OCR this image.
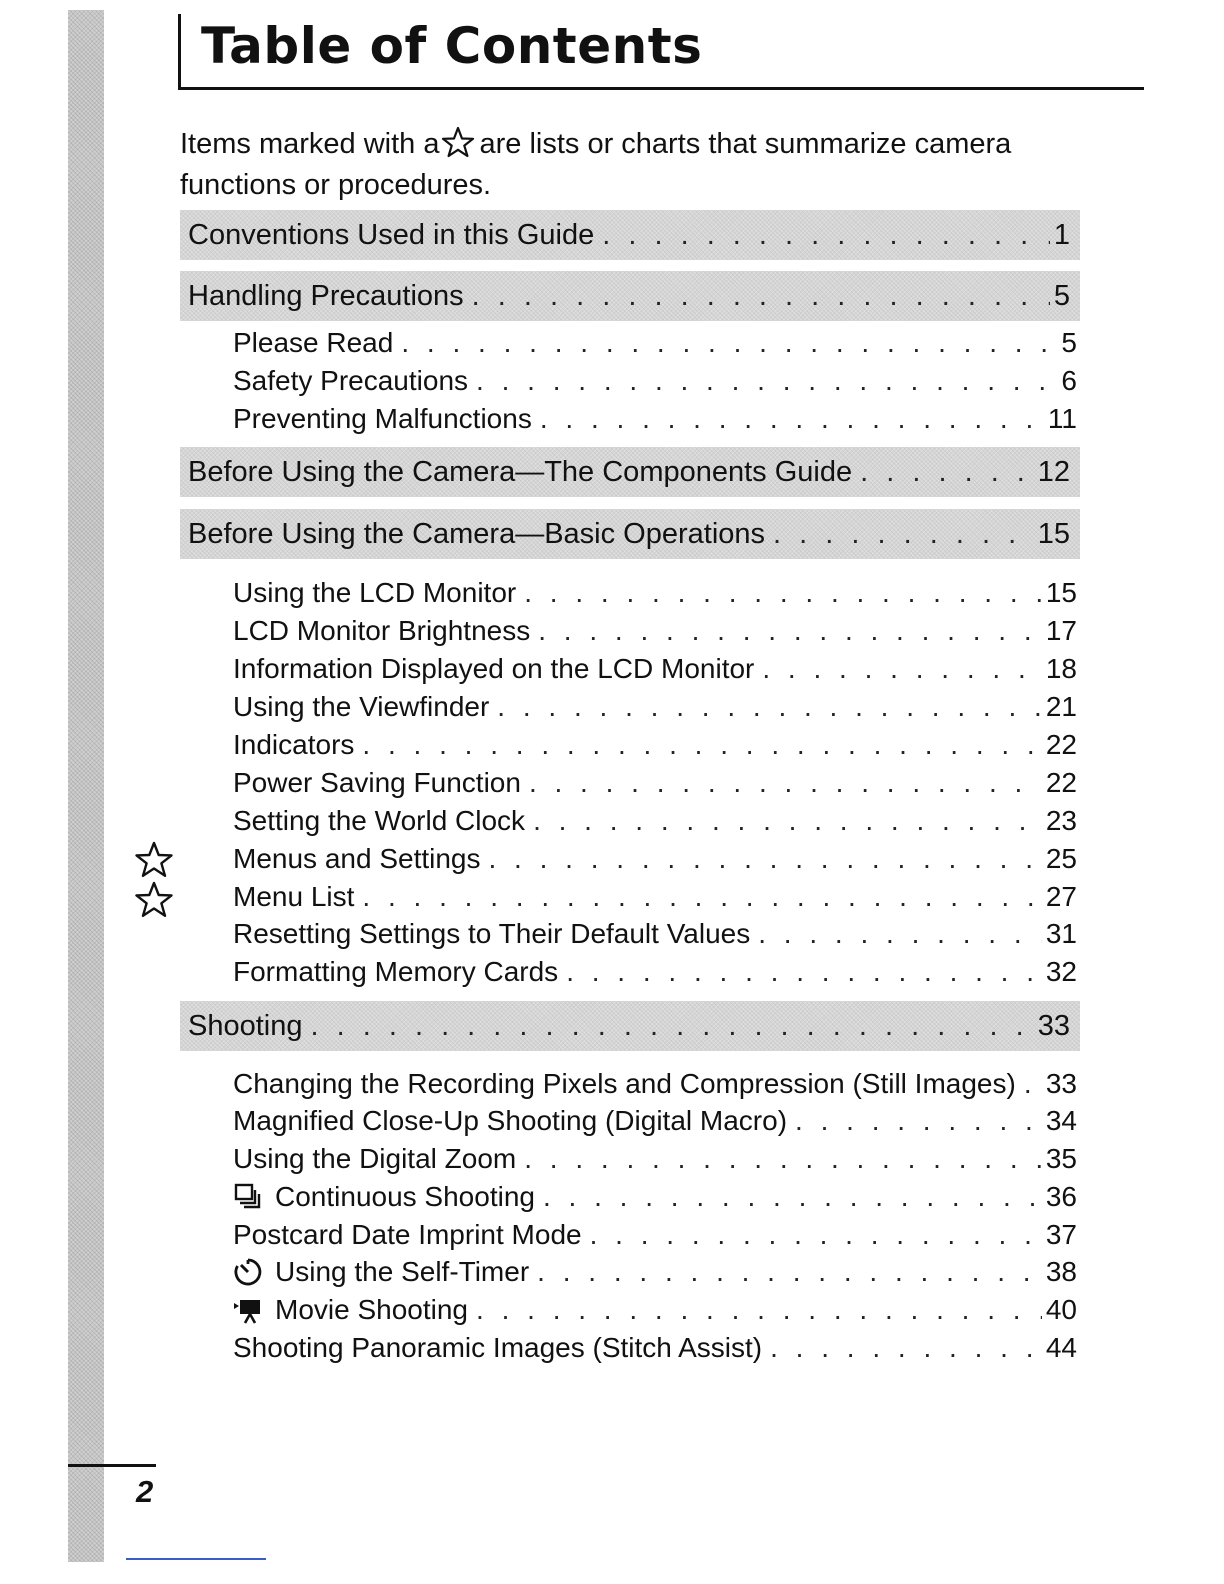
Table of Contents
Items marked with a are lists or charts that summarize camera functions or procedures.
Conventions Used in this Guide . . .	1
Handling Precautions . . .	5
Please Read . . .	5
Safety Precautions . . .	6
Preventing Malfunctions . . .	11
Before Using the Camera—The Components Guide . . .	12
Before Using the Camera—Basic Operations . . .	15
Using the LCD Monitor . . .	15
LCD Monitor Brightness . . .	17
Information Displayed on the LCD Monitor . . .	18
Using the Viewfinder . . .	21
Indicators . . .	22
Power Saving Function . . .	22
Setting the World Clock . . .	23
Menus and Settings . . .	25
Menu List . . .	27
Resetting Settings to Their Default Values . . .	31
Formatting Memory Cards . . .	32
Shooting . . .	33
Changing the Recording Pixels and Compression (Still Images) . . . 33
Magnified Close-Up Shooting (Digital Macro) . . .	34
Using the Digital Zoom . . .	35
Continuous Shooting . . .	36
Postcard Date Imprint Mode . . .	37
Using the Self-Timer . . .	38
Movie Shooting . . .	40
Shooting Panoramic Images (Stitch Assist) . . .	44
2
